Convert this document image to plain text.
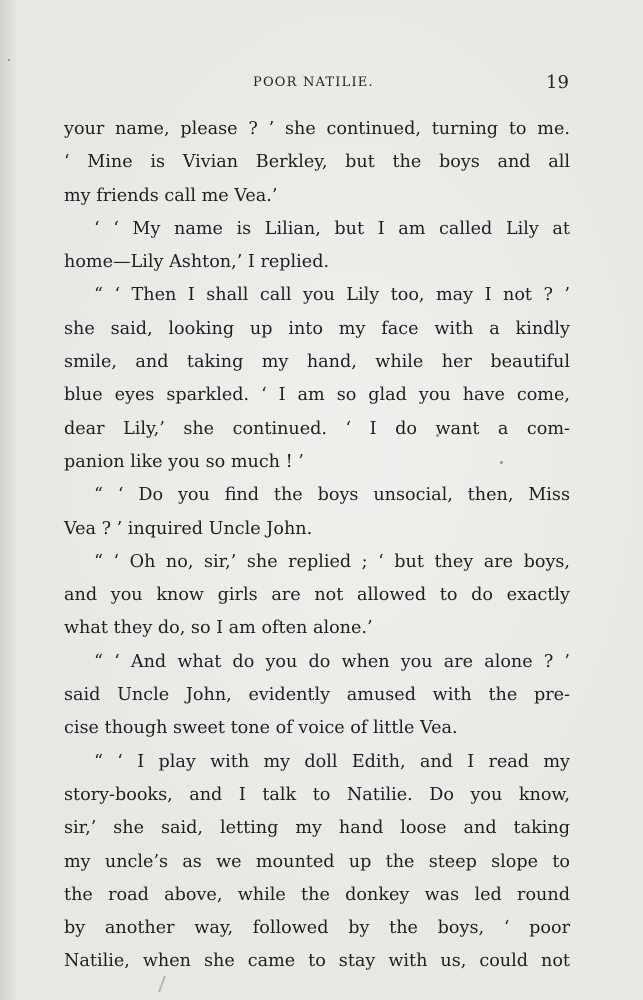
POOR NATILIE.	19
your name, please ? ’ she continued, turning to me.
‘ Mine is Vivian Berkley, but the boys and all
my friends call me Vea.’
‘ ‘ My name is Lilian, but I am called Lily at
home—Lily Ashton,’ I replied.
“ ‘ Then I shall call you Lily too, may I not ? ’
she said, looking up into my face with a kindly
smile, and taking my hand, while her beautiful
blue eyes sparkled. ‘ I am so glad you have come,
dear Lily,’ she continued. ‘ I do want a com-
panion like you so much ! ’
“ ‘ Do you find the boys unsocial, then, Miss
Vea ? ’ inquired Uncle John.
“ ‘ Oh no, sir,’ she replied ; ‘ but they are boys,
and you know girls are not allowed to do exactly
what they do, so I am often alone.’
“ ‘ And what do you do when you are alone ? ’
said Uncle John, evidently amused with the pre-
cise though sweet tone of voice of little Vea.
“ ‘ I play with my doll Edith, and I read my
story-books, and I talk to Natilie. Do you know,
sir,’ she said, letting my hand loose and taking
my uncle’s as we mounted up the steep slope to
the road above, while the donkey was led round
by another way, followed by the boys, ‘ poor
Natilie, when she came to stay with us, could not
